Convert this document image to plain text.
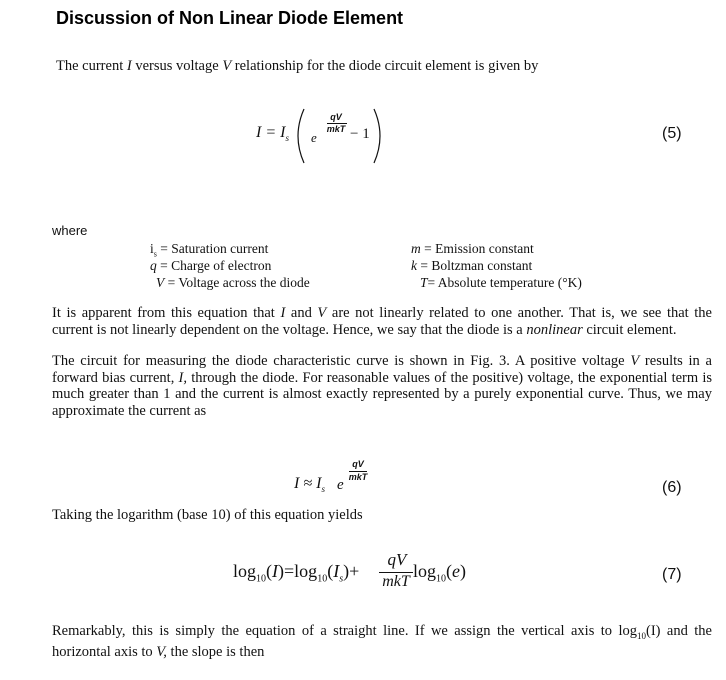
Discussion of Non Linear Diode Element
The current I versus voltage V relationship for the diode circuit element is given by
$I = I_s$ e
qV
mkT − 1	(5)
where
$i_s$ = Saturation current
q = Charge of electron
V = Voltage across the diode
m = Emission constant
k = Boltzman constant
T= Absolute temperature (°K)
It is apparent from this equation that I and V are not linearly related to one another. That is, we see that the current is not linearly dependent on the voltage. Hence, we say that the diode is a nonlinear circuit element.
The circuit for measuring the diode characteristic curve is shown in Fig. 3. A positive voltage V results in a forward bias current, I, through the diode. For reasonable values of the positive) voltage, the exponential term is much greater than 1 and the current is almost exactly represented by a purely exponential curve. Thus, we may approximate the current as
$I \approx I_s$ e
qV
mkT
(6)
Taking the logarithm (base 10) of this equation yields
$\log_{10}(I)=\log_{10}(I_s)+$
qV
mkT
$\log_{10}(e)$	(7)
Remarkably, this is simply the equation of a straight line. If we assign the vertical axis to $\log_{10}(I)$ and the horizontal axis to V, the slope is then
